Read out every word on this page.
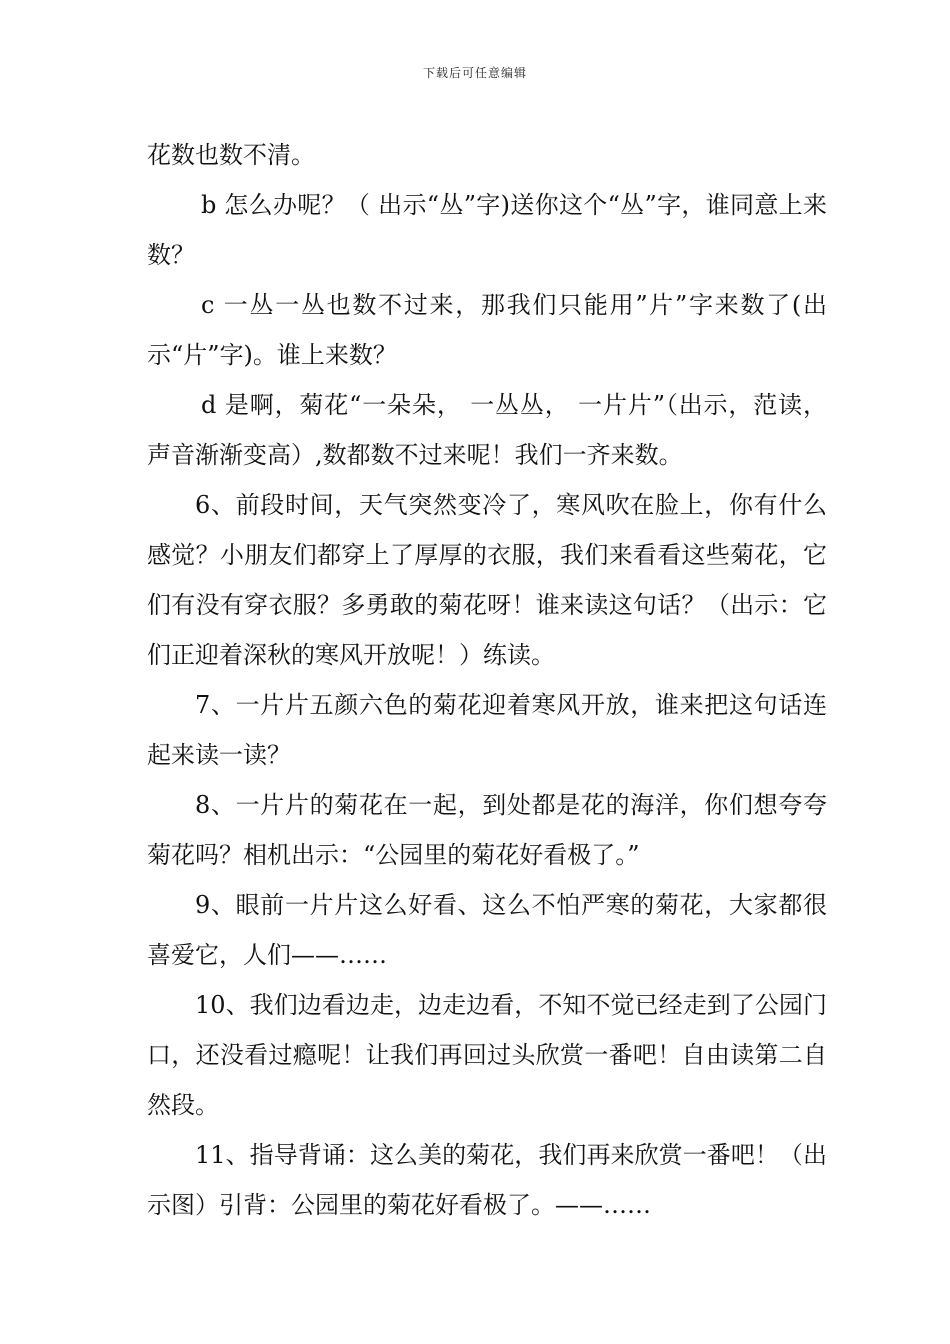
下载后可任意编辑

花数也数不清。

b 怎么办呢？（ 出示“丛”字)送你这个“丛”字，谁同意上来数？

c 一丛一丛也数不过来，那我们只能用”片”字来数了(出示“片”字)。谁上来数？

d 是啊，菊花“一朵朵， 一丛丛， 一片片”（出示，范读， 声音渐渐变高）,数都数不过来呢！我们一齐来数。

6、前段时间，天气突然变冷了，寒风吹在脸上，你有什么感觉？小朋友们都穿上了厚厚的衣服，我们来看看这些菊花，它们有没有穿衣服？多勇敢的菊花呀！谁来读这句话？（出示：它们正迎着深秋的寒风开放呢！）练读。

7、一片片五颜六色的菊花迎着寒风开放，谁来把这句话连起来读一读？

8、一片片的菊花在一起，到处都是花的海洋，你们想夸夸菊花吗？相机出示：“公园里的菊花好看极了。”

9、眼前一片片这么好看、这么不怕严寒的菊花，大家都很喜爱它，人们——……

10、我们边看边走，边走边看，不知不觉已经走到了公园门口，还没看过瘾呢！让我们再回过头欣赏一番吧！自由读第二自然段。

11、指导背诵：这么美的菊花，我们再来欣赏一番吧！（出示图）引背：公园里的菊花好看极了。——……
